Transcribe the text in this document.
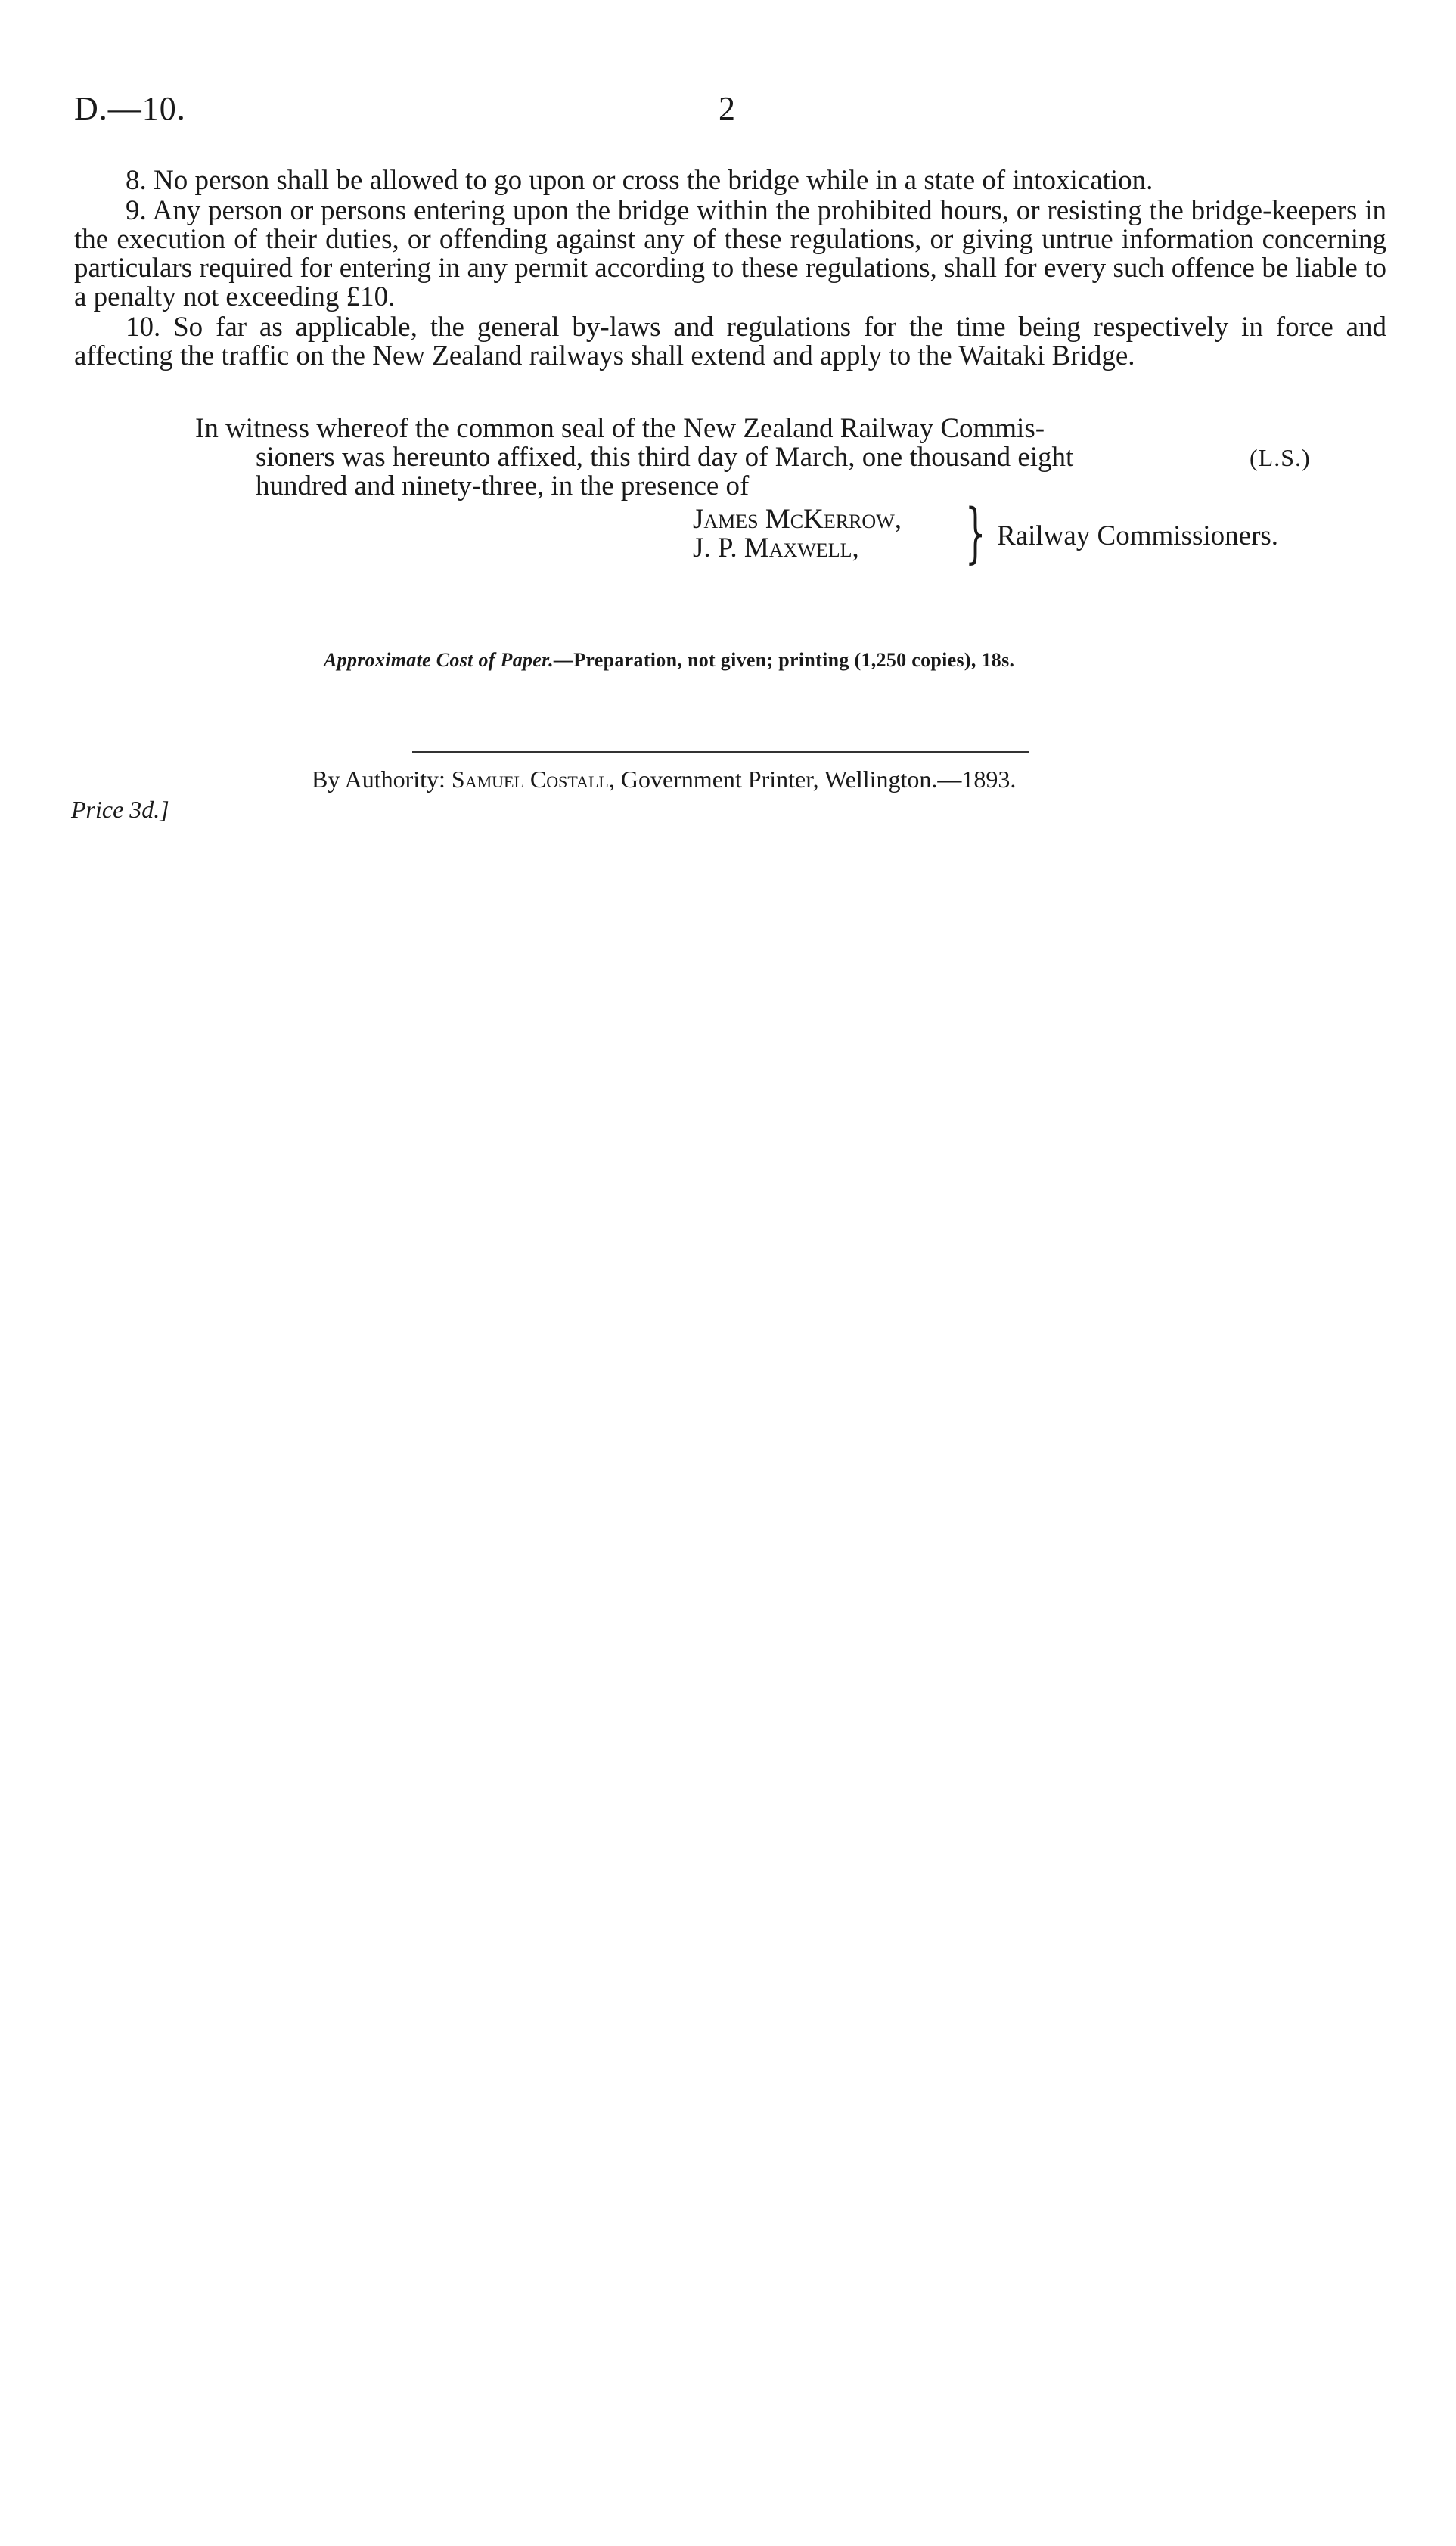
D.—10.	2

8. No person shall be allowed to go upon or cross the bridge while in a state of intoxication.

9. Any person or persons entering upon the bridge within the prohibited hours, or resisting the bridge-keepers in the execution of their duties, or offending against any of these regulations, or giving untrue information concerning particulars required for entering in any permit according to these regulations, shall for every such offence be liable to a penalty not exceeding £10.

10. So far as applicable, the general by-laws and regulations for the time being respectively in force and affecting the traffic on the New Zealand railways shall extend and apply to the Waitaki Bridge.

In witness whereof the common seal of the New Zealand Railway Commis-
sioners was hereunto affixed, this third day of March, one thousand eight
hundred and ninety-three, in the presence of
(L.S.)
James McKerrow,
J. P. Maxwell,	} Railway Commissioners.
Approximate Cost of Paper.—Preparation, not given; printing (1,250 copies), 18s.
By Authority: Samuel Costall, Government Printer, Wellington.—1893.
Price 3d.]
